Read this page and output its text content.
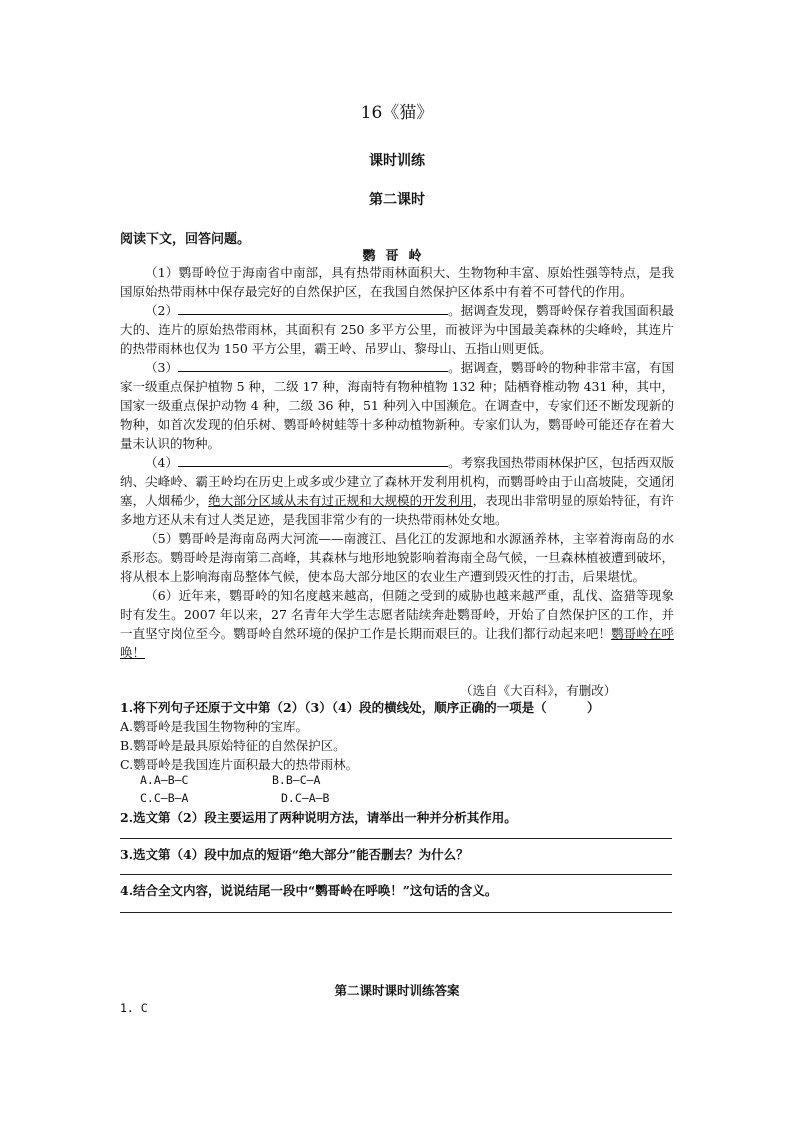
16《猫》
课时训练
第二课时
阅读下文，回答问题。
鹦哥岭

（1）鹦哥岭位于海南省中南部，具有热带雨林面积大、生物物种丰富、原始性强等特点，是我国原始热带雨林中保存最完好的自然保护区，在我国自然保护区体系中有着不可替代的作用。

（2）	。据调查发现，鹦哥岭保存着我国面积最大的、连片的原始热带雨林，其面积有 250 多平方公里，而被评为中国最美森林的尖峰岭，其连片的热带雨林也仅为 150 平方公里，霸王岭、吊罗山、黎母山、五指山则更低。

（3）	。据调查，鹦哥岭的物种非常丰富，有国家一级重点保护植物 5 种，二级 17 种，海南特有物种植物 132 种；陆栖脊椎动物 431 种，其中，国家一级重点保护动物 4 种，二级 36 种，51 种列入中国濒危。在调查中，专家们还不断发现新的物种，如首次发现的伯乐树、鹦哥岭树蛙等十多种动植物新种。专家们认为，鹦哥岭可能还存在着大量未认识的物种。

（4）	。考察我国热带雨林保护区，包括西双版纳、尖峰岭、霸王岭均在历史上或多或少建立了森林开发利用机构，而鹦哥岭由于山高坡陡，交通闭塞，人烟稀少，绝大部分区域从未有过正规和大规模的开发利用，表现出非常明显的原始特征，有许多地方还从未有过人类足迹，是我国非常少有的一块热带雨林处女地。

（5）鹦哥岭是海南岛两大河流——南渡江、昌化江的发源地和水源涵养林，主宰着海南岛的水系形态。鹦哥岭是海南第二高峰，其森林与地形地貌影响着海南全岛气候，一旦森林植被遭到破坏，将从根本上影响海南岛整体气候，使本岛大部分地区的农业生产遭到毁灭性的打击，后果堪忧。

（6）近年来，鹦哥岭的知名度越来越高，但随之受到的威胁也越来越严重，乱伐、盗猎等现象时有发生。2007 年以来，27 名青年大学生志愿者陆续奔赴鹦哥岭，开始了自然保护区的工作，并一直坚守岗位至今。鹦哥岭自然环境的保护工作是长期而艰巨的。让我们都行动起来吧！鹦哥岭在呼唤！

（选自《大百科》，有删改）
1.将下列句子还原于文中第（2）（3）（4）段的横线处，顺序正确的一项是（	）
A.鹦哥岭是我国生物物种的宝库。
B.鹦哥岭是最具原始特征的自然保护区。
C.鹦哥岭是我国连片面积最大的热带雨林。
A.A—B—C	B.B—C—A
C.C—B—A	D.C—A—B
2.选文第（2）段主要运用了两种说明方法，请举出一种并分析其作用。
3.选文第（4）段中加点的短语“绝大部分”能否删去？为什么？
4.结合全文内容，说说结尾一段中“鹦哥岭在呼唤！”这句话的含义。
第二课时课时训练答案
1. C
